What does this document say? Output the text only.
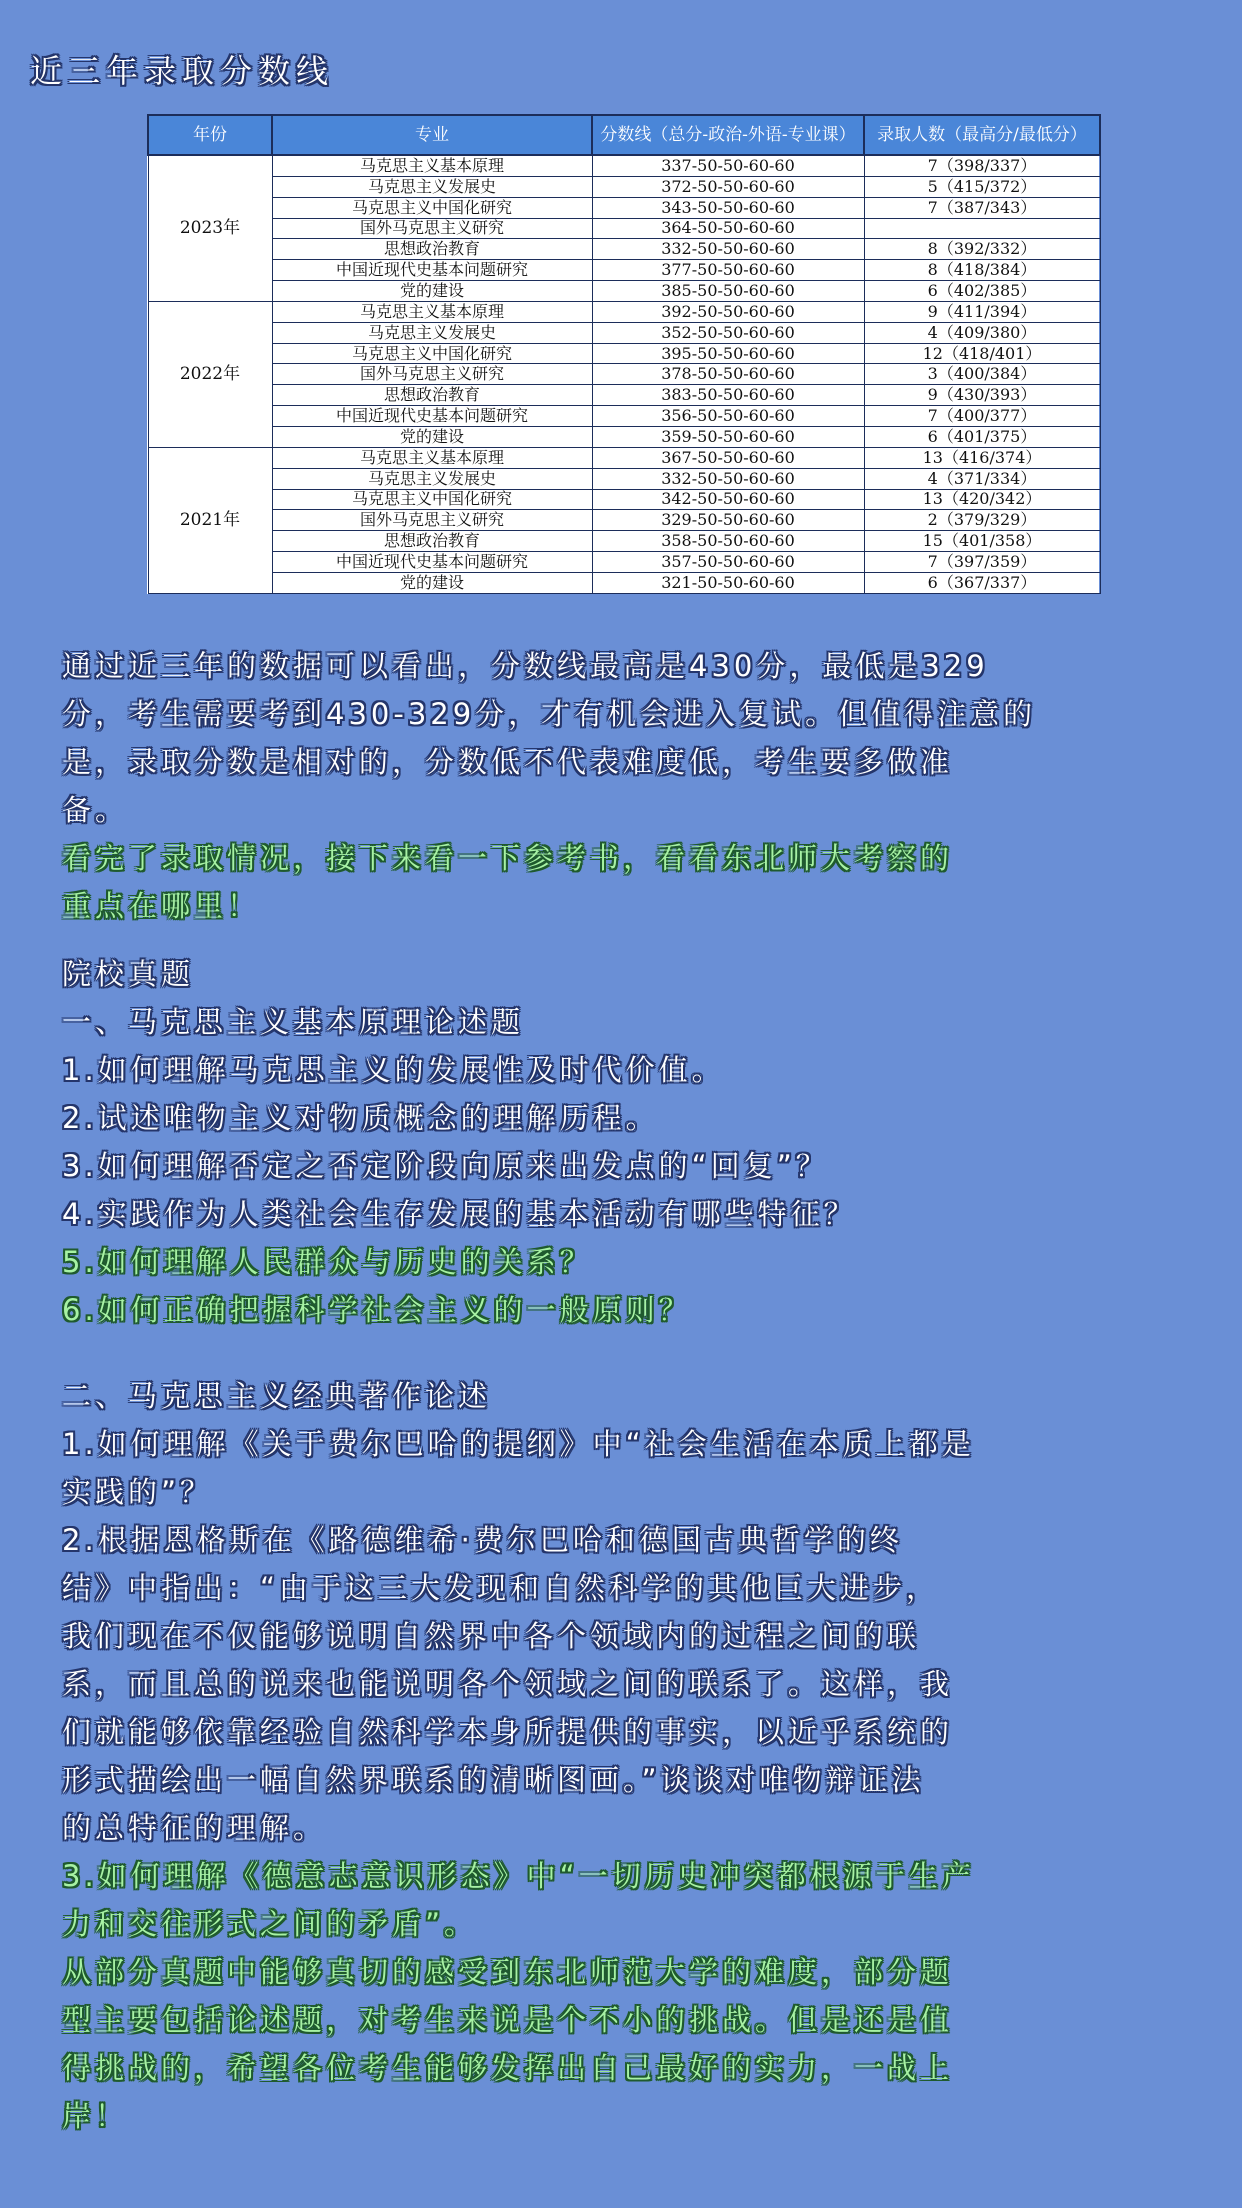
近三年录取分数线
年份	专业	分数线（总分-政治-外语-专业课）	录取人数（最高分/最低分）
2023年	马克思主义基本原理	337-50-50-60-60	7（398/337）
	马克思主义发展史	372-50-50-60-60	5（415/372）
	马克思主义中国化研究	343-50-50-60-60	7（387/343）
	国外马克思主义研究	364-50-50-60-60	
	思想政治教育	332-50-50-60-60	8（392/332）
	中国近现代史基本问题研究	377-50-50-60-60	8（418/384）
	党的建设	385-50-50-60-60	6（402/385）
2022年	马克思主义基本原理	392-50-50-60-60	9（411/394）
	马克思主义发展史	352-50-50-60-60	4（409/380）
	马克思主义中国化研究	395-50-50-60-60	12（418/401）
	国外马克思主义研究	378-50-50-60-60	3（400/384）
	思想政治教育	383-50-50-60-60	9（430/393）
	中国近现代史基本问题研究	356-50-50-60-60	7（400/377）
	党的建设	359-50-50-60-60	6（401/375）
2021年	马克思主义基本原理	367-50-50-60-60	13（416/374）
	马克思主义发展史	332-50-50-60-60	4（371/334）
	马克思主义中国化研究	342-50-50-60-60	13（420/342）
	国外马克思主义研究	329-50-50-60-60	2（379/329）
	思想政治教育	358-50-50-60-60	15（401/358）
	中国近现代史基本问题研究	357-50-50-60-60	7（397/359）
	党的建设	321-50-50-60-60	6（367/337）
通过近三年的数据可以看出，分数线最高是430分，最低是329
分，考生需要考到430-329分，才有机会进入复试。但值得注意的
是，录取分数是相对的，分数低不代表难度低，考生要多做准
备。
看完了录取情况，接下来看一下参考书，看看东北师大考察的
重点在哪里！
院校真题
一、马克思主义基本原理论述题
1.如何理解马克思主义的发展性及时代价值。
2.试述唯物主义对物质概念的理解历程。
3.如何理解否定之否定阶段向原来出发点的“回复”？
4.实践作为人类社会生存发展的基本活动有哪些特征？
5.如何理解人民群众与历史的关系？
6.如何正确把握科学社会主义的一般原则？
二、马克思主义经典著作论述
1.如何理解《关于费尔巴哈的提纲》中“社会生活在本质上都是
实践的”？
2.根据恩格斯在《路德维希·费尔巴哈和德国古典哲学的终
结》中指出：“由于这三大发现和自然科学的其他巨大进步，
我们现在不仅能够说明自然界中各个领域内的过程之间的联
系，而且总的说来也能说明各个领域之间的联系了。这样，我
们就能够依靠经验自然科学本身所提供的事实，以近乎系统的
形式描绘出一幅自然界联系的清晰图画。”谈谈对唯物辩证法
的总特征的理解。
3.如何理解《德意志意识形态》中“一切历史冲突都根源于生产
力和交往形式之间的矛盾”。
从部分真题中能够真切的感受到东北师范大学的难度，部分题
型主要包括论述题，对考生来说是个不小的挑战。但是还是值
得挑战的，希望各位考生能够发挥出自己最好的实力，一战上
岸！
